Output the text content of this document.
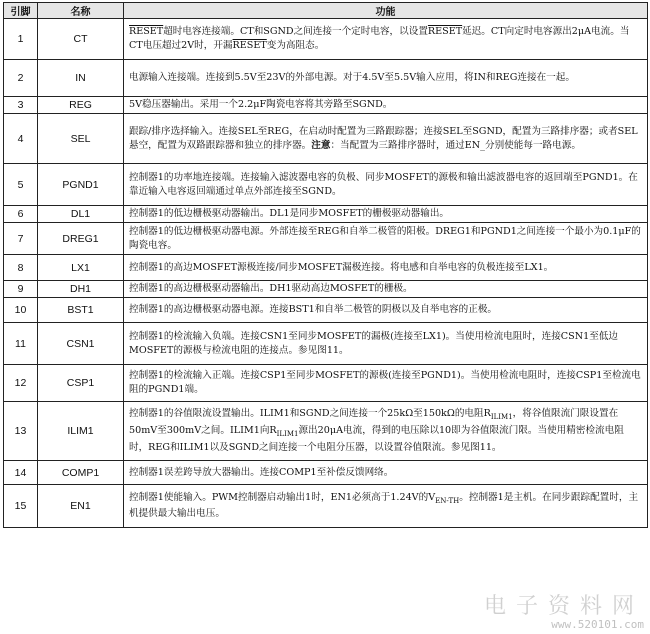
引脚	名称	功能
1	CT	RESET超时电容连接端。CT和SGND之间连接一个定时电容，以设置RESET延迟。CT向定时电容源出2μA电流。当CT电压超过2V时，开漏RESET变为高阻态。
2	IN	电源输入连接端。连接到5.5V至23V的外部电源。对于4.5V至5.5V输入应用，将IN和REG连接在一起。
3	REG	5V稳压器输出。采用一个2.2μF陶瓷电容将其旁路至SGND。
4	SEL	跟踪/排序选择输入。连接SEL至REG，在启动时配置为三路跟踪器；连接SEL至SGND，配置为三路排序器；或者SEL悬空，配置为双路跟踪器和独立的排序器。注意：当配置为三路排序器时，通过EN_分别使能每一路电源。
5	PGND1	控制器1的功率地连接端。连接输入滤波器电容的负极、同步MOSFET的源极和输出滤波器电容的返回端至PGND1。在靠近输入电容返回端通过单点外部连接至SGND。
6	DL1	控制器1的低边栅极驱动器输出。DL1是同步MOSFET的栅极驱动器输出。
7	DREG1	控制器1的低边栅极驱动器电源。外部连接至REG和自举二极管的阳极。DREG1和PGND1之间连接一个最小为0.1μF的陶瓷电容。
8	LX1	控制器1的高边MOSFET源极连接/同步MOSFET漏极连接。将电感和自举电容的负极连接至LX1。
9	DH1	控制器1的高边栅极驱动器输出。DH1驱动高边MOSFET的栅极。
10	BST1	控制器1的高边栅极驱动器电源。连接BST1和自举二极管的阴极以及自举电容的正极。
11	CSN1	控制器1的检流输入负端。连接CSN1至同步MOSFET的漏极(连接至LX1)。当使用检流电阻时，连接CSN1至低边MOSFET的源极与检流电阻的连接点。参见图11。
12	CSP1	控制器1的检流输入正端。连接CSP1至同步MOSFET的源极(连接至PGND1)。当使用检流电阻时，连接CSP1至检流电阻的PGND1端。
13	ILIM1	控制器1的谷值限流设置输出。ILIM1和SGND之间连接一个25kΩ至150kΩ的电阻$R_{ILIM1}$，将谷值限流门限设置在50mV至300mV之间。ILIM1向$R_{ILIM1}$源出20μA电流，得到的电压除以10即为谷值限流门限。当使用精密检流电阻时，REG和ILIM1以及SGND之间连接一个电阻分压器，以设置谷值限流。参见图11。
14	COMP1	控制器1误差跨导放大器输出。连接COMP1至补偿反馈网络。
15	EN1	控制器1使能输入。PWM控制器启动输出1时，EN1必须高于1.24V的$V_{EN-TH}$。控制器1是主机。在同步跟踪配置时，主机提供最大输出电压。
电子资料网
www.520101.com
